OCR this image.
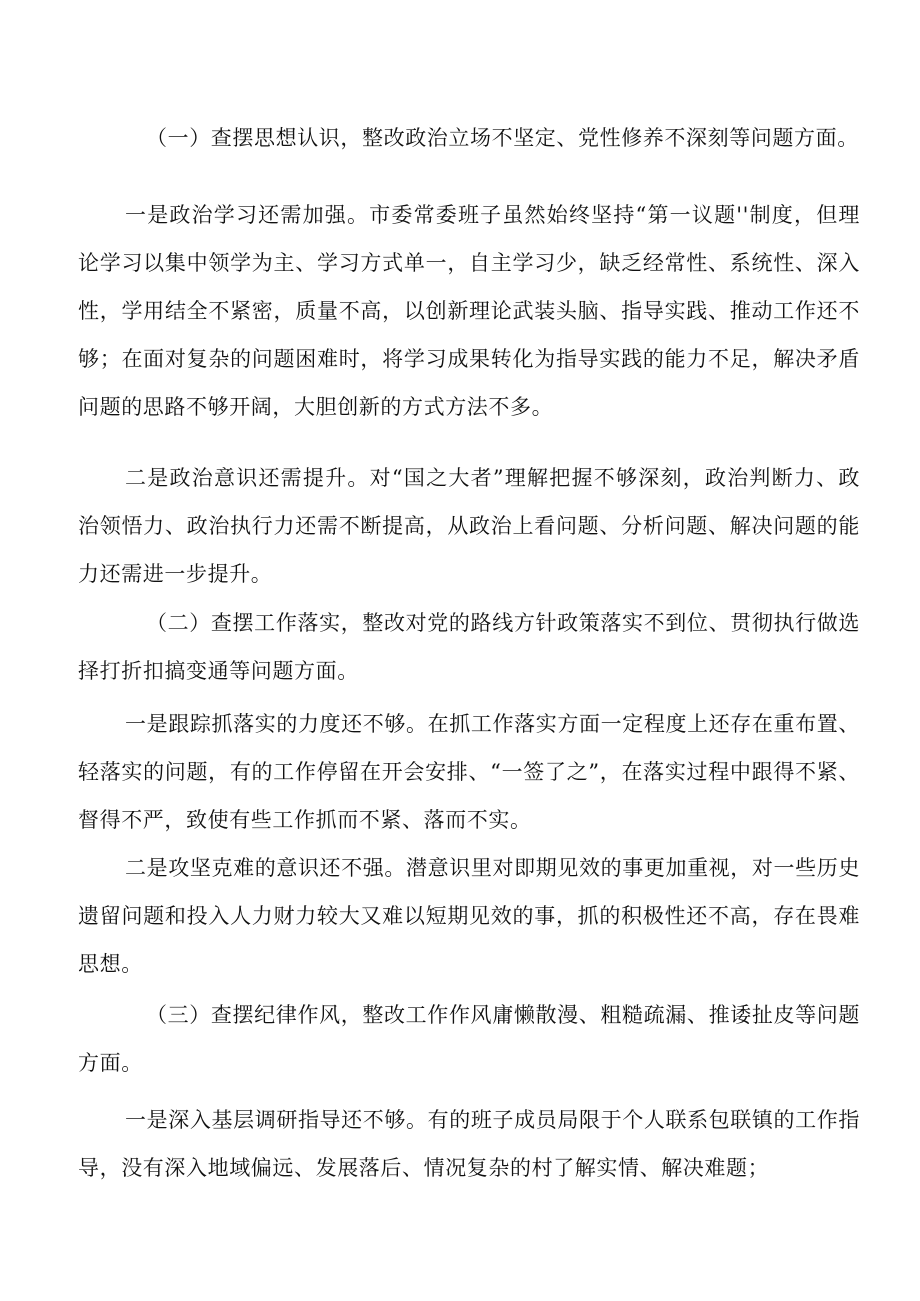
（一）查摆思想认识，整改政治立场不坚定、党性修养不深刻等问题方面。

一是政治学习还需加强。市委常委班子虽然始终坚持“第一议题''制度，但理论学习以集中领学为主、学习方式单一，自主学习少，缺乏经常性、系统性、深入性，学用结全不紧密，质量不高，以创新理论武装头脑、指导实践、推动工作还不够；在面对复杂的问题困难时，将学习成果转化为指导实践的能力不足，解决矛盾问题的思路不够开阔，大胆创新的方式方法不多。

二是政治意识还需提升。对“国之大者”理解把握不够深刻，政治判断力、政治领悟力、政治执行力还需不断提高，从政治上看问题、分析问题、解决问题的能力还需进一步提升。

（二）查摆工作落实，整改对党的路线方针政策落实不到位、贯彻执行做选择打折扣搞变通等问题方面。

一是跟踪抓落实的力度还不够。在抓工作落实方面一定程度上还存在重布置、轻落实的问题，有的工作停留在开会安排、“一签了之”，在落实过程中跟得不紧、督得不严，致使有些工作抓而不紧、落而不实。

二是攻坚克难的意识还不强。潜意识里对即期见效的事更加重视，对一些历史遗留问题和投入人力财力较大又难以短期见效的事，抓的积极性还不高，存在畏难思想。

（三）查摆纪律作风，整改工作作风庸懒散漫、粗糙疏漏、推诿扯皮等问题方面。

一是深入基层调研指导还不够。有的班子成员局限于个人联系包联镇的工作指导，没有深入地域偏远、发展落后、情况复杂的村了解实情、解决难题；
